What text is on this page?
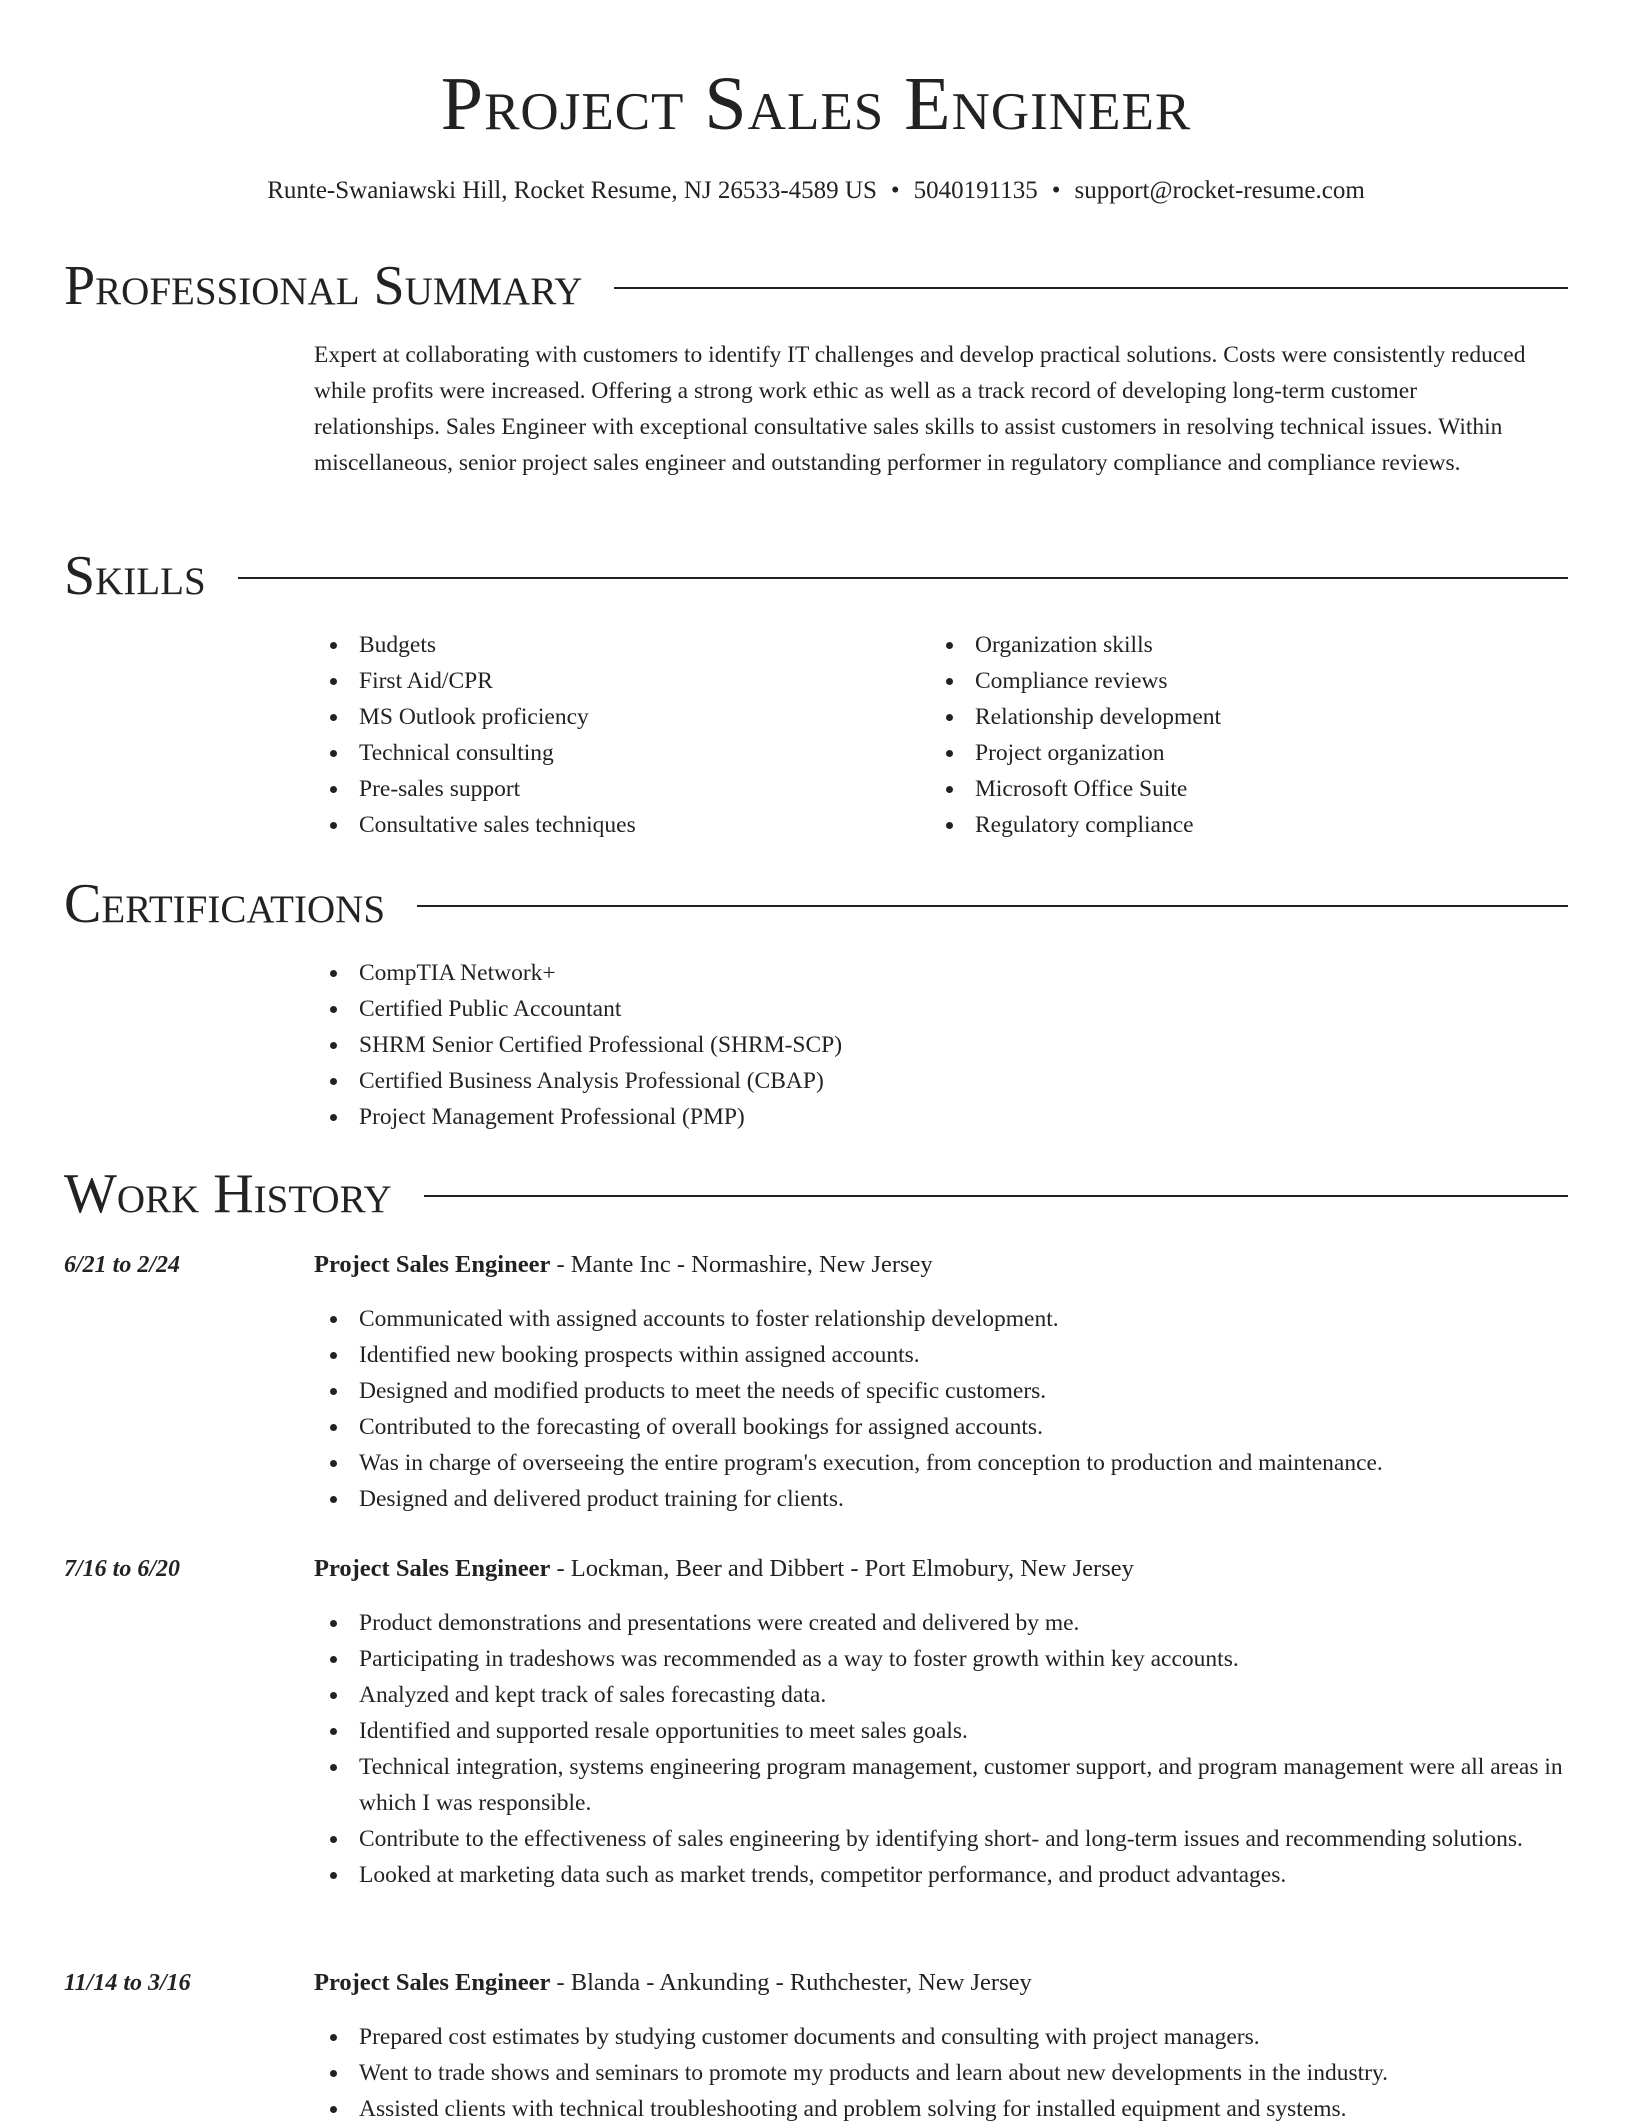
Project Sales Engineer
Runte-Swaniawski Hill, Rocket Resume, NJ 26533-4589 US • 5040191135 • support@rocket-resume.com
Professional Summary

Expert at collaborating with customers to identify IT challenges and develop practical solutions. Costs were consistently reduced while profits were increased. Offering a strong work ethic as well as a track record of developing long-term customer relationships. Sales Engineer with exceptional consultative sales skills to assist customers in resolving technical issues. Within miscellaneous, senior project sales engineer and outstanding performer in regulatory compliance and compliance reviews.

Skills
Budgets
First Aid/CPR
MS Outlook proficiency
Technical consulting
Pre-sales support
Consultative sales techniques
Organization skills
Compliance reviews
Relationship development
Project organization
Microsoft Office Suite
Regulatory compliance
Certifications
CompTIA Network+
Certified Public Accountant
SHRM Senior Certified Professional (SHRM-SCP)
Certified Business Analysis Professional (CBAP)
Project Management Professional (PMP)
Work History
6/21 to 2/24	Project Sales Engineer - Mante Inc - Normashire, New Jersey
Communicated with assigned accounts to foster relationship development.
Identified new booking prospects within assigned accounts.
Designed and modified products to meet the needs of specific customers.
Contributed to the forecasting of overall bookings for assigned accounts.
Was in charge of overseeing the entire program's execution, from conception to production and maintenance.
Designed and delivered product training for clients.
7/16 to 6/20	Project Sales Engineer - Lockman, Beer and Dibbert - Port Elmobury, New Jersey
Product demonstrations and presentations were created and delivered by me.
Participating in tradeshows was recommended as a way to foster growth within key accounts.
Analyzed and kept track of sales forecasting data.
Identified and supported resale opportunities to meet sales goals.
Technical integration, systems engineering program management, customer support, and program management were all areas in which I was responsible.
Contribute to the effectiveness of sales engineering by identifying short- and long-term issues and recommending solutions.
Looked at marketing data such as market trends, competitor performance, and product advantages.
11/14 to 3/16	Project Sales Engineer - Blanda - Ankunding - Ruthchester, New Jersey
Prepared cost estimates by studying customer documents and consulting with project managers.
Went to trade shows and seminars to promote my products and learn about new developments in the industry.
Assisted clients with technical troubleshooting and problem solving for installed equipment and systems.
